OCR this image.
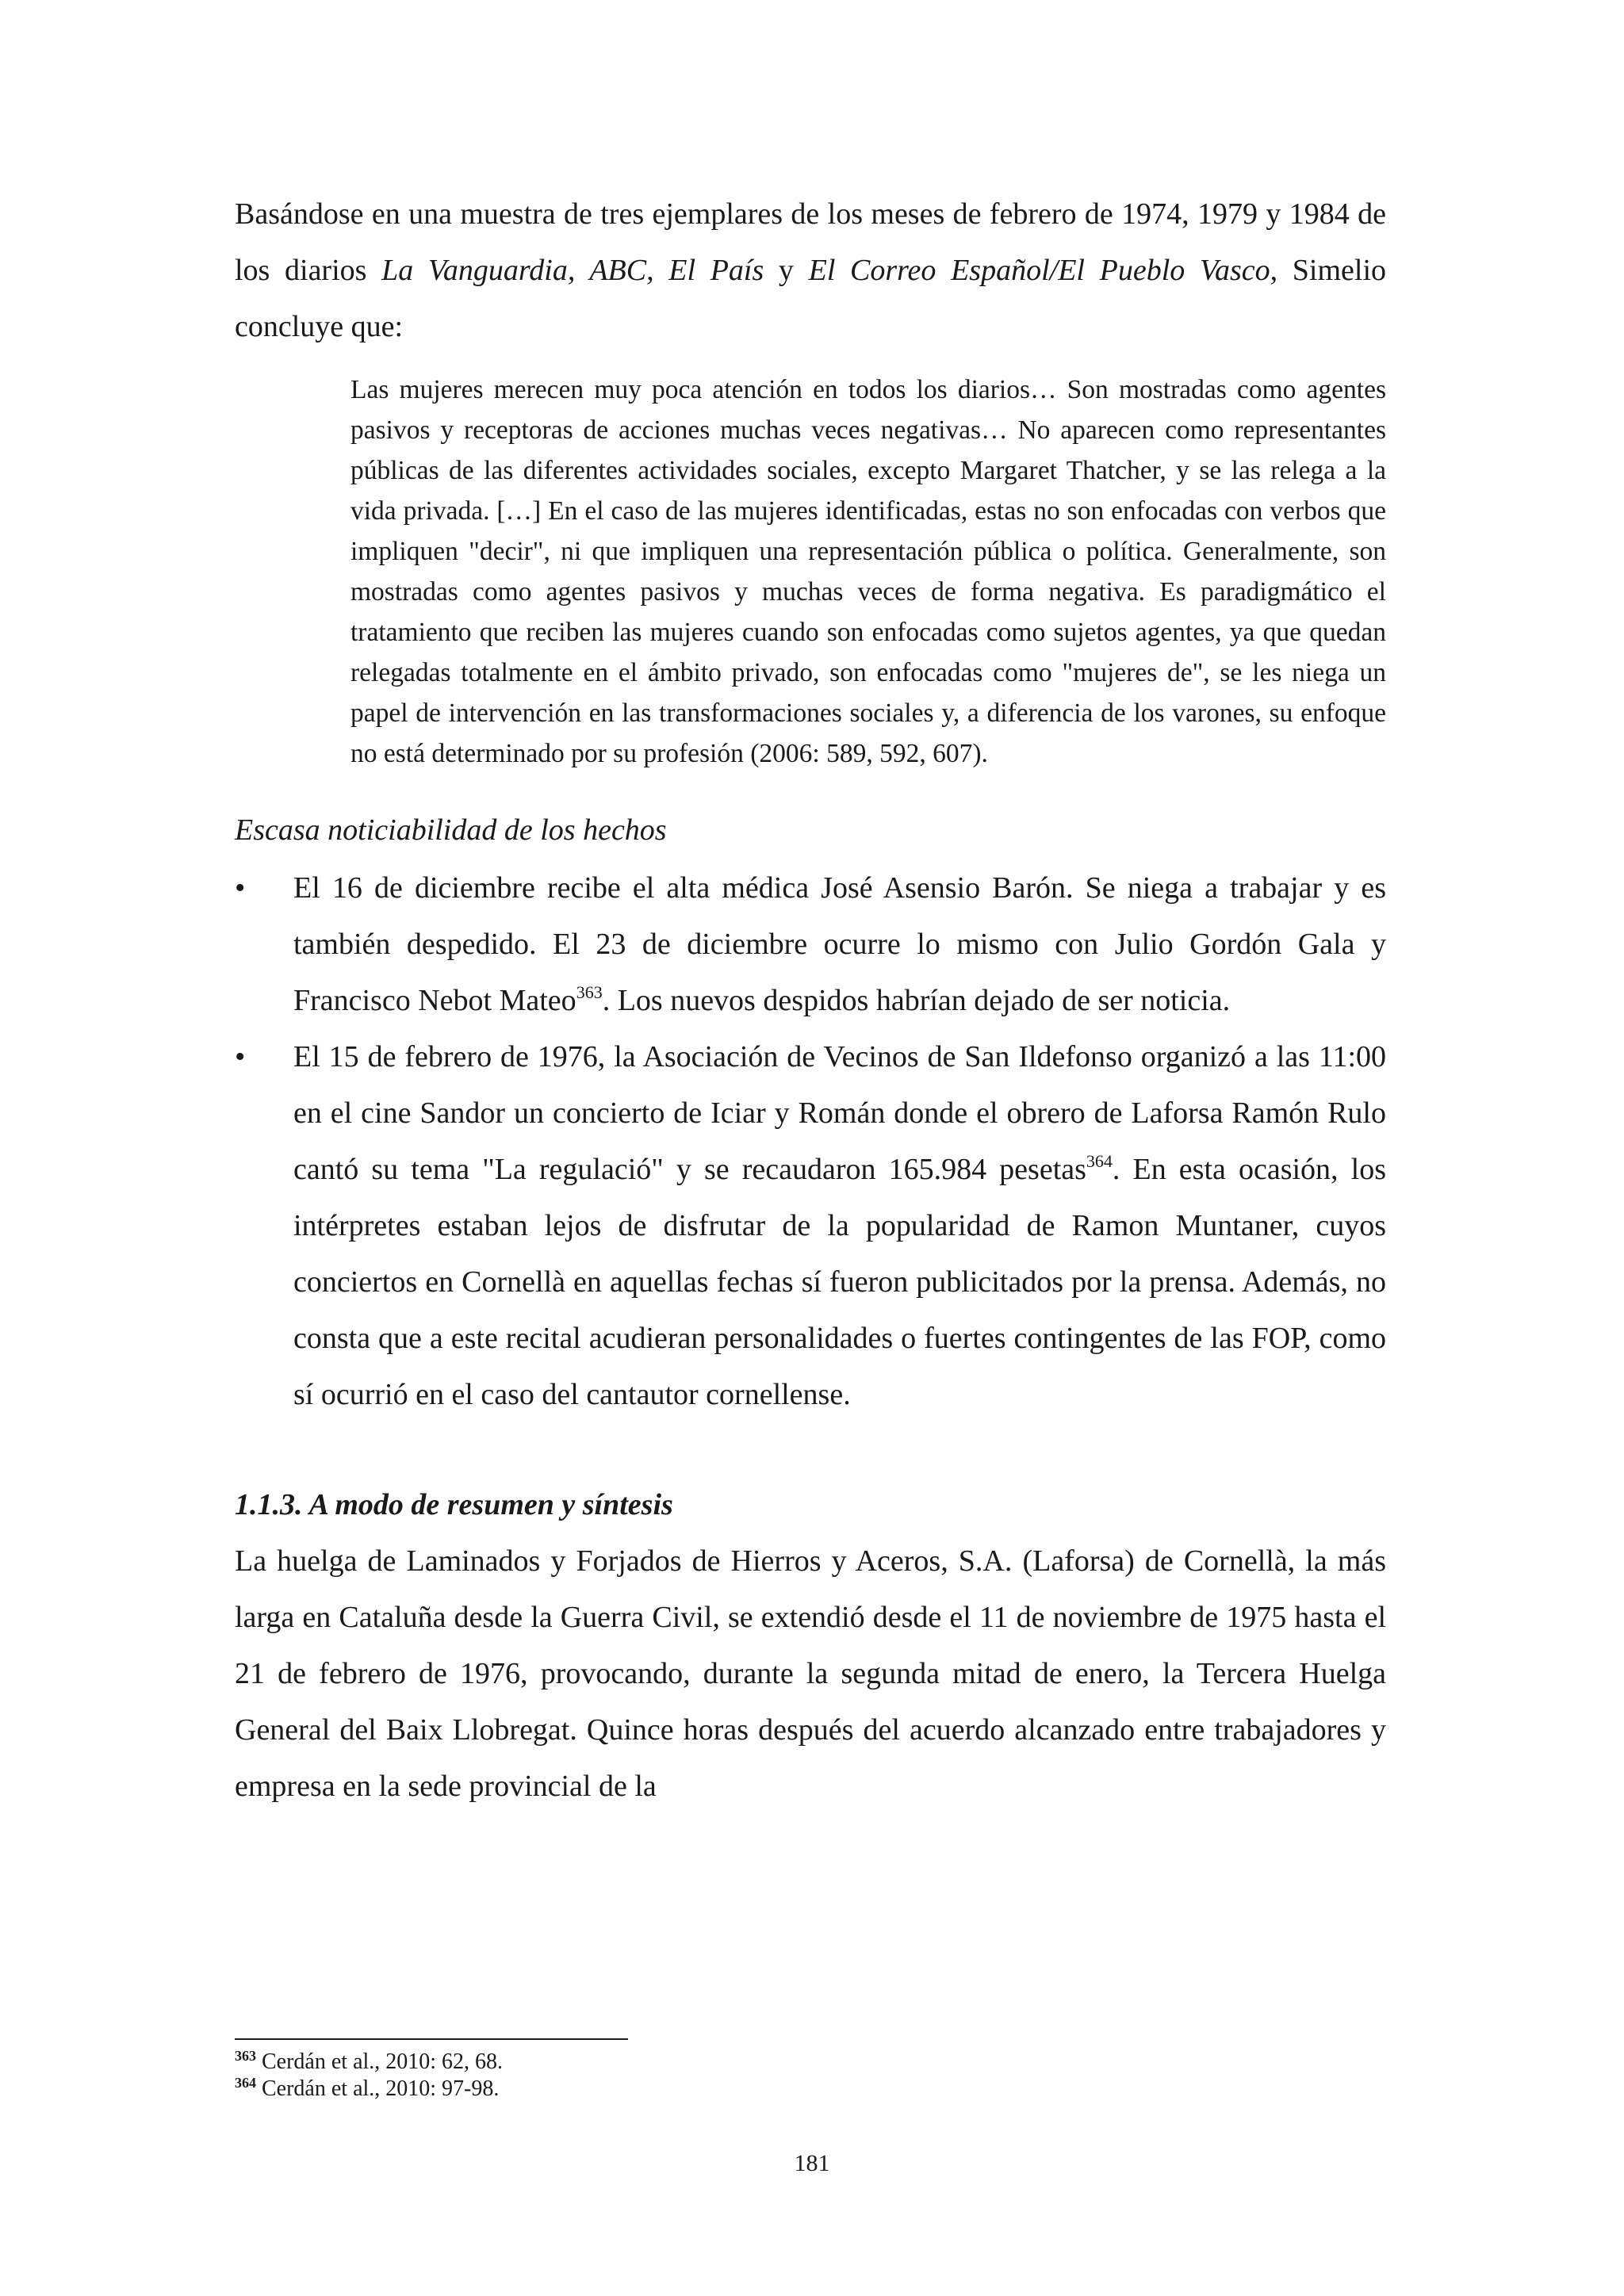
Basándose en una muestra de tres ejemplares de los meses de febrero de 1974, 1979 y 1984 de los diarios La Vanguardia, ABC, El País y El Correo Español/El Pueblo Vasco, Simelio concluye que:

Las mujeres merecen muy poca atención en todos los diarios… Son mostradas como agentes pasivos y receptoras de acciones muchas veces negativas… No aparecen como representantes públicas de las diferentes actividades sociales, excepto Margaret Thatcher, y se las relega a la vida privada. […] En el caso de las mujeres identificadas, estas no son enfocadas con verbos que impliquen "decir", ni que impliquen una representación pública o política. Generalmente, son mostradas como agentes pasivos y muchas veces de forma negativa. Es paradigmático el tratamiento que reciben las mujeres cuando son enfocadas como sujetos agentes, ya que quedan relegadas totalmente en el ámbito privado, son enfocadas como "mujeres de", se les niega un papel de intervención en las transformaciones sociales y, a diferencia de los varones, su enfoque no está determinado por su profesión (2006: 589, 592, 607).

Escasa noticiabilidad de los hechos

•	El 16 de diciembre recibe el alta médica José Asensio Barón. Se niega a trabajar y es también despedido. El 23 de diciembre ocurre lo mismo con Julio Gordón Gala y Francisco Nebot Mateo$^{363}$. Los nuevos despidos habrían dejado de ser noticia.
•	El 15 de febrero de 1976, la Asociación de Vecinos de San Ildefonso organizó a las 11:00 en el cine Sandor un concierto de Iciar y Román donde el obrero de Laforsa Ramón Rulo cantó su tema "La regulació" y se recaudaron 165.984 pesetas$^{364}$. En esta ocasión, los intérpretes estaban lejos de disfrutar de la popularidad de Ramon Muntaner, cuyos conciertos en Cornellà en aquellas fechas sí fueron publicitados por la prensa. Además, no consta que a este recital acudieran personalidades o fuertes contingentes de las FOP, como sí ocurrió en el caso del cantautor cornellense.

1.1.3. A modo de resumen y síntesis

La huelga de Laminados y Forjados de Hierros y Aceros, S.A. (Laforsa) de Cornellà, la más larga en Cataluña desde la Guerra Civil, se extendió desde el 11 de noviembre de 1975 hasta el 21 de febrero de 1976, provocando, durante la segunda mitad de enero, la Tercera Huelga General del Baix Llobregat. Quince horas después del acuerdo alcanzado entre trabajadores y empresa en la sede provincial de la

$^{363}$ Cerdán et al., 2010: 62, 68.
$^{364}$ Cerdán et al., 2010: 97-98.
181
